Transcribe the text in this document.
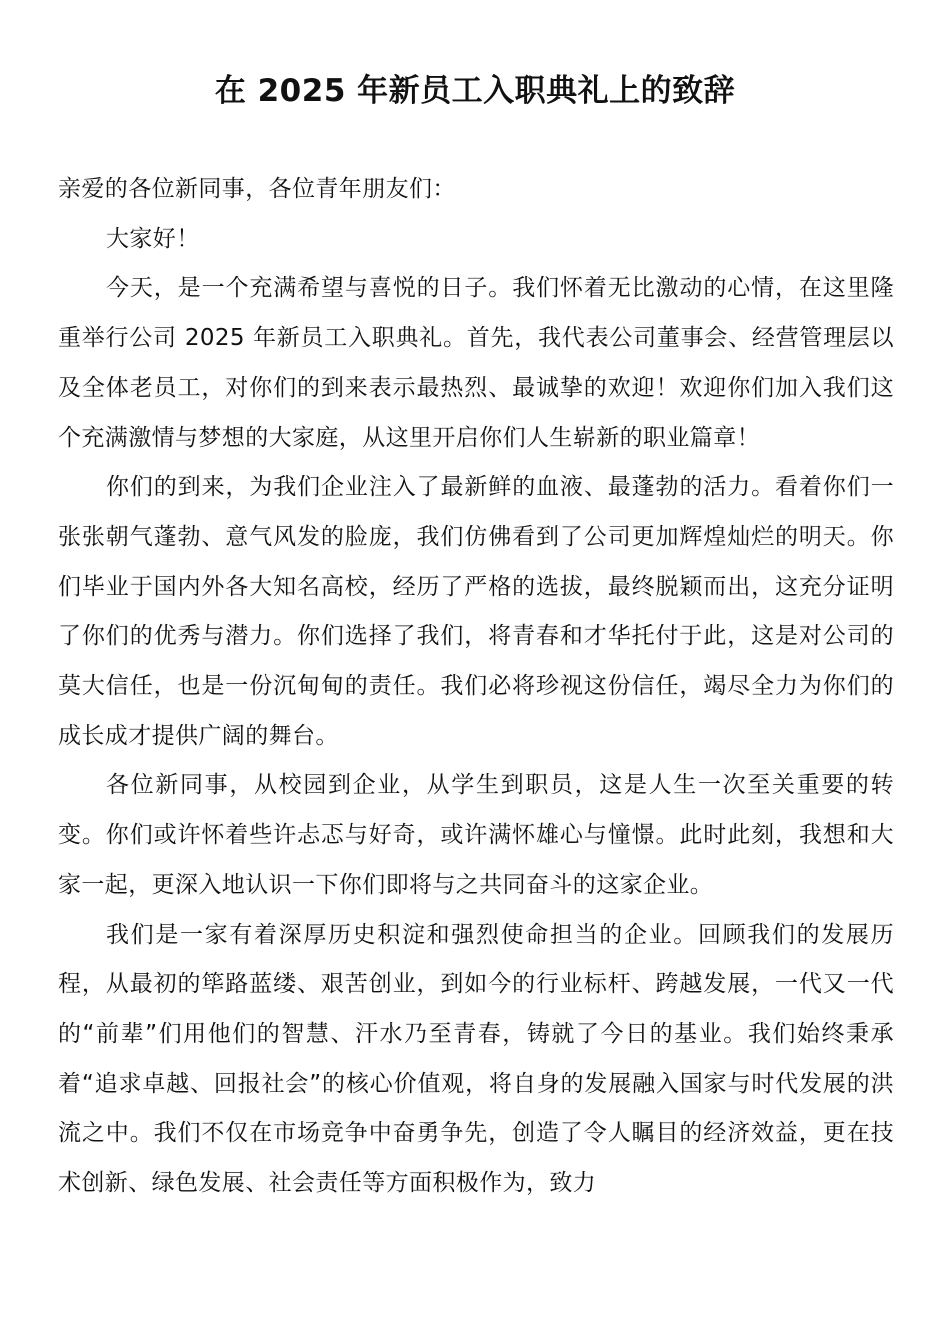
在 2025 年新员工入职典礼上的致辞

亲爱的各位新同事，各位青年朋友们：

大家好！

今天，是一个充满希望与喜悦的日子。我们怀着无比激动的心情，在这里隆重举行公司 2025 年新员工入职典礼。首先，我代表公司董事会、经营管理层以及全体老员工，对你们的到来表示最热烈、最诚挚的欢迎！欢迎你们加入我们这个充满激情与梦想的大家庭，从这里开启你们人生崭新的职业篇章！

你们的到来，为我们企业注入了最新鲜的血液、最蓬勃的活力。看着你们一张张朝气蓬勃、意气风发的脸庞，我们仿佛看到了公司更加辉煌灿烂的明天。你们毕业于国内外各大知名高校，经历了严格的选拔，最终脱颖而出，这充分证明了你们的优秀与潜力。你们选择了我们，将青春和才华托付于此，这是对公司的莫大信任，也是一份沉甸甸的责任。我们必将珍视这份信任，竭尽全力为你们的成长成才提供广阔的舞台。

各位新同事，从校园到企业，从学生到职员，这是人生一次至关重要的转变。你们或许怀着些许忐忑与好奇，或许满怀雄心与憧憬。此时此刻，我想和大家一起，更深入地认识一下你们即将与之共同奋斗的这家企业。

我们是一家有着深厚历史积淀和强烈使命担当的企业。回顾我们的发展历程，从最初的筚路蓝缕、艰苦创业，到如今的行业标杆、跨越发展，一代又一代的“前辈”们用他们的智慧、汗水乃至青春，铸就了今日的基业。我们始终秉承着“追求卓越、回报社会”的核心价值观，将自身的发展融入国家与时代发展的洪流之中。我们不仅在市场竞争中奋勇争先，创造了令人瞩目的经济效益，更在技术创新、绿色发展、社会责任等方面积极作为，致力
